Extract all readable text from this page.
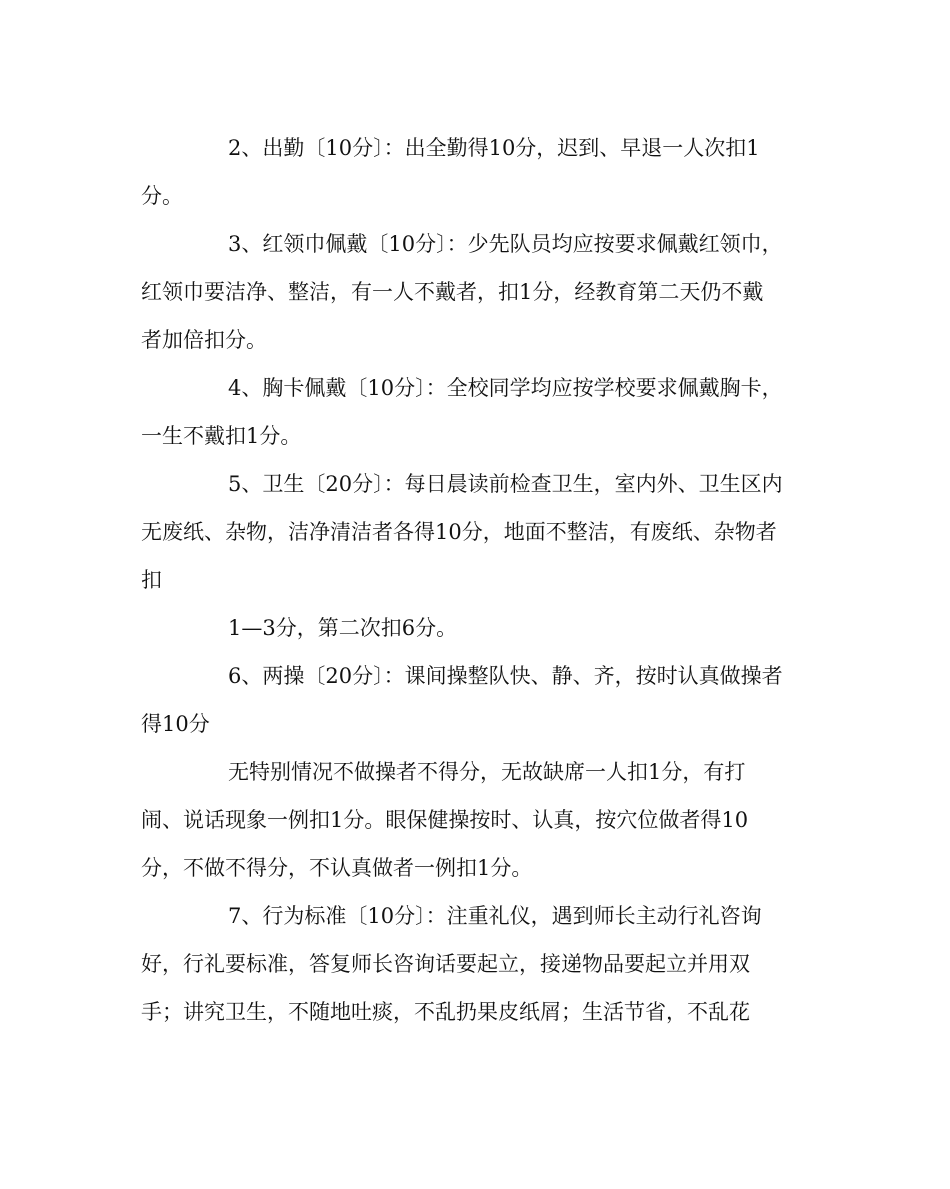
2、出勤〔10分〕：出全勤得10分，迟到、早退一人次扣1

分。

3、红领巾佩戴〔10分〕：少先队员均应按要求佩戴红领巾，

红领巾要洁净、整洁，有一人不戴者，扣1分，经教育第二天仍不戴

者加倍扣分。

4、胸卡佩戴〔10分〕：全校同学均应按学校要求佩戴胸卡，

一生不戴扣1分。

5、卫生〔20分〕：每日晨读前检查卫生，室内外、卫生区内

无废纸、杂物，洁净清洁者各得10分，地面不整洁，有废纸、杂物者

扣

1—3分，第二次扣6分。

6、两操〔20分〕：课间操整队快、静、齐，按时认真做操者

得10分

无特别情况不做操者不得分，无故缺席一人扣1分，有打

闹、说话现象一例扣1分。眼保健操按时、认真，按穴位做者得10

分，不做不得分，不认真做者一例扣1分。

7、行为标准〔10分〕：注重礼仪，遇到师长主动行礼咨询

好，行礼要标准，答复师长咨询话要起立，接递物品要起立并用双

手；讲究卫生，不随地吐痰，不乱扔果皮纸屑；生活节省，不乱花
